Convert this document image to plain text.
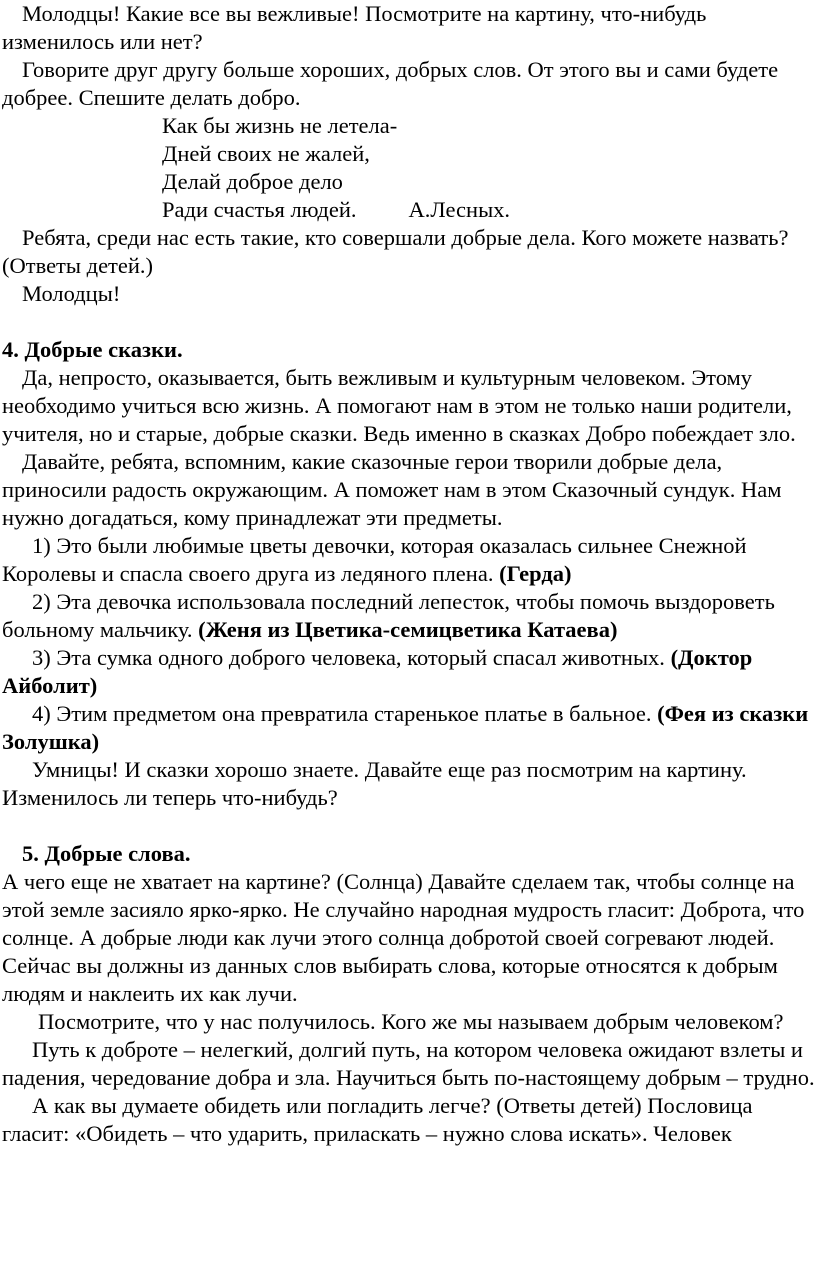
Молодцы! Какие все вы вежливые! Посмотрите на картину, что-нибудь изменилось или нет?

Говорите друг другу больше хороших, добрых слов. От этого вы и сами будете добрее. Спешите делать добро.

Как бы жизнь не летела-

Дней своих не жалей,

Делай доброе дело

Ради счастья людей. А.Лесных.

Ребята, среди нас есть такие, кто совершали добрые дела. Кого можете назвать? (Ответы детей.)

Молодцы!

4. Добрые сказки.

Да, непросто, оказывается, быть вежливым и культурным человеком. Этому необходимо учиться всю жизнь. А помогают нам в этом не только наши родители, учителя, но и старые, добрые сказки. Ведь именно в сказках Добро побеждает зло.

Давайте, ребята, вспомним, какие сказочные герои творили добрые дела, приносили радость окружающим. А поможет нам в этом Сказочный сундук. Нам нужно догадаться, кому принадлежат эти предметы.

1) Это были любимые цветы девочки, которая оказалась сильнее Снежной Королевы и спасла своего друга из ледяного плена. (Герда)

2) Эта девочка использовала последний лепесток, чтобы помочь выздороветь больному мальчику. (Женя из Цветика-семицветика Катаева)

3) Эта сумка одного доброго человека, который спасал животных. (Доктор Айболит)

4) Этим предметом она превратила старенькое платье в бальное. (Фея из сказки Золушка)

Умницы! И сказки хорошо знаете. Давайте еще раз посмотрим на картину. Изменилось ли теперь что-нибудь?

5. Добрые слова.

А чего еще не хватает на картине? (Солнца) Давайте сделаем так, чтобы солнце на этой земле засияло ярко-ярко. Не случайно народная мудрость гласит: Доброта, что солнце. А добрые люди как лучи этого солнца добротой своей согревают людей. Сейчас вы должны из данных слов выбирать слова, которые относятся к добрым людям и наклеить их как лучи.

Посмотрите, что у нас получилось. Кого же мы называем добрым человеком?

Путь к доброте – нелегкий, долгий путь, на котором человека ожидают взлеты и падения, чередование добра и зла. Научиться быть по-настоящему добрым – трудно.

А как вы думаете обидеть или погладить легче? (Ответы детей) Пословица гласит: «Обидеть – что ударить, приласкать – нужно слова искать». Человек
